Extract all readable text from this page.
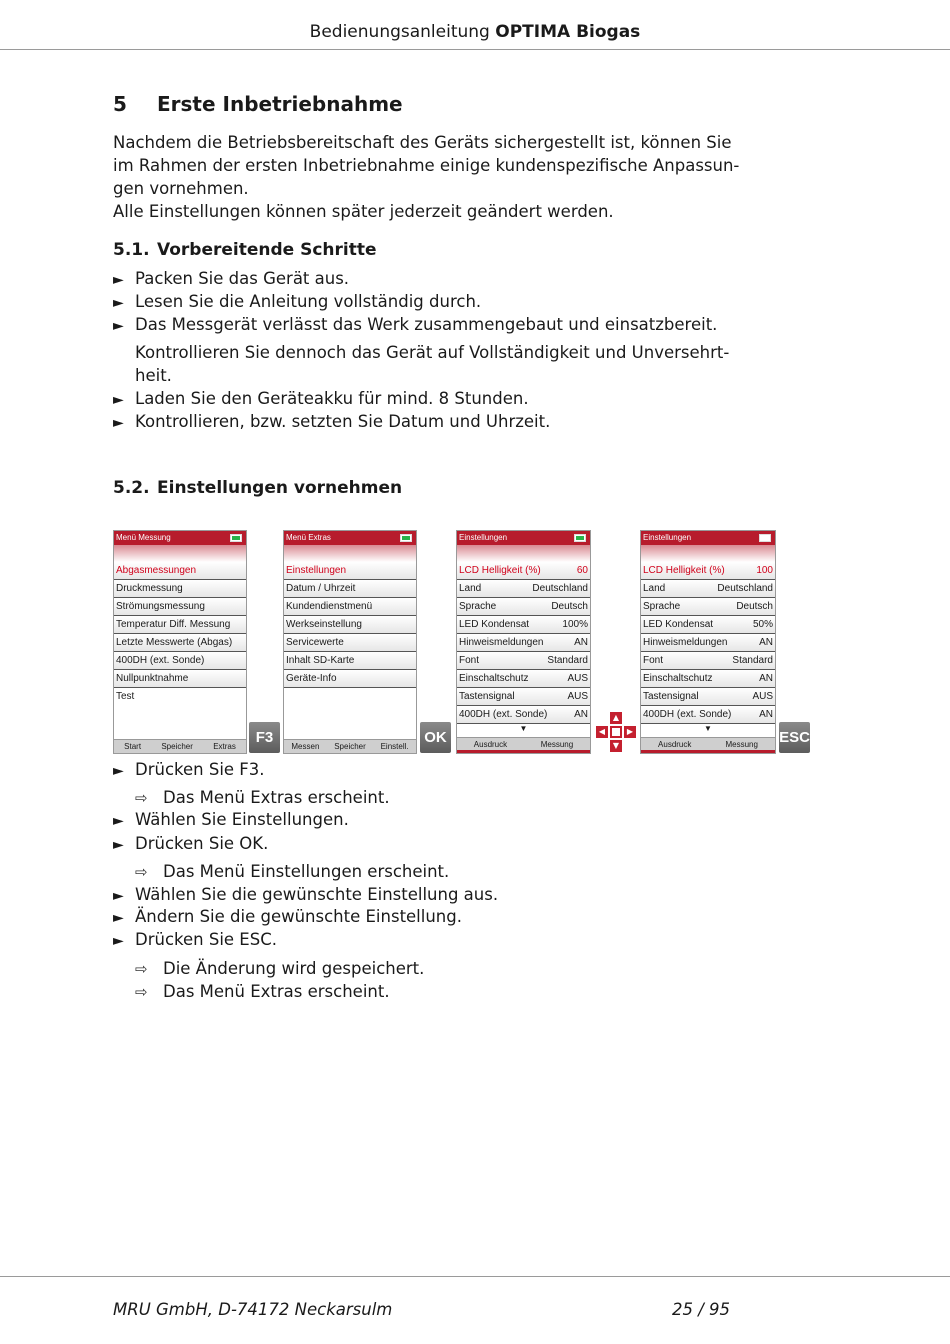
Bedienungsanleitung OPTIMA Biogas
5 Erste Inbetriebnahme
Nachdem die Betriebsbereitschaft des Geräts sichergestellt ist, können Sie
im Rahmen der ersten Inbetriebnahme einige kundenspezifische Anpassun-
gen vornehmen.
Alle Einstellungen können später jederzeit geändert werden.
5.1. Vorbereitende Schritte
► Packen Sie das Gerät aus.
► Lesen Sie die Anleitung vollständig durch.
► Das Messgerät verlässt das Werk zusammengebaut und einsatzbereit.
Kontrollieren Sie dennoch das Gerät auf Vollständigkeit und Unversehrt-
heit.
► Laden Sie den Geräteakku für mind. 8 Stunden.
► Kontrollieren, bzw. setzten Sie Datum und Uhrzeit.
5.2. Einstellungen vornehmen
Menü Messung
Abgasmessungen
Druckmessung
Strömungsmessung
Temperatur Diff. Messung
Letzte Messwerte (Abgas)
400DH (ext. Sonde)
Nullpunktnahme
Test
Start	Speicher	Extras
F3
Menü Extras
Einstellungen
Datum / Uhrzeit
Kundendienstmenü
Werkseinstellung
Servicewerte
Inhalt SD-Karte
Geräte-Info
Messen Speicher Einstell.
OK
Einstellungen
LCD Helligkeit (%)	60
Land	Deutschland
Sprache	Deutsch
LED Kondensat	100%
Hinweismeldungen	AN
Font	Standard
Einschaltschutz	AUS
Tastensignal	AUS
400DH (ext. Sonde)	AN
▼
Ausdruck	Messung
▲
◀	▶
▼
Einstellungen
LCD Helligkeit (%)	100
Land	Deutschland
Sprache	Deutsch
LED Kondensat	50%
Hinweismeldungen	AN
Font	Standard
Einschaltschutz	AN
Tastensignal	AUS
400DH (ext. Sonde)	AN
▼
Ausdruck	Messung ESC
► Drücken Sie F3.
⇨ Das Menü Extras erscheint.
► Wählen Sie Einstellungen.
► Drücken Sie OK.
⇨ Das Menü Einstellungen erscheint.
► Wählen Sie die gewünschte Einstellung aus.
► Ändern Sie die gewünschte Einstellung.
► Drücken Sie ESC.
⇨ Die Änderung wird gespeichert.
⇨ Das Menü Extras erscheint.
MRU GmbH, D-74172 Neckarsulm	25 / 95
